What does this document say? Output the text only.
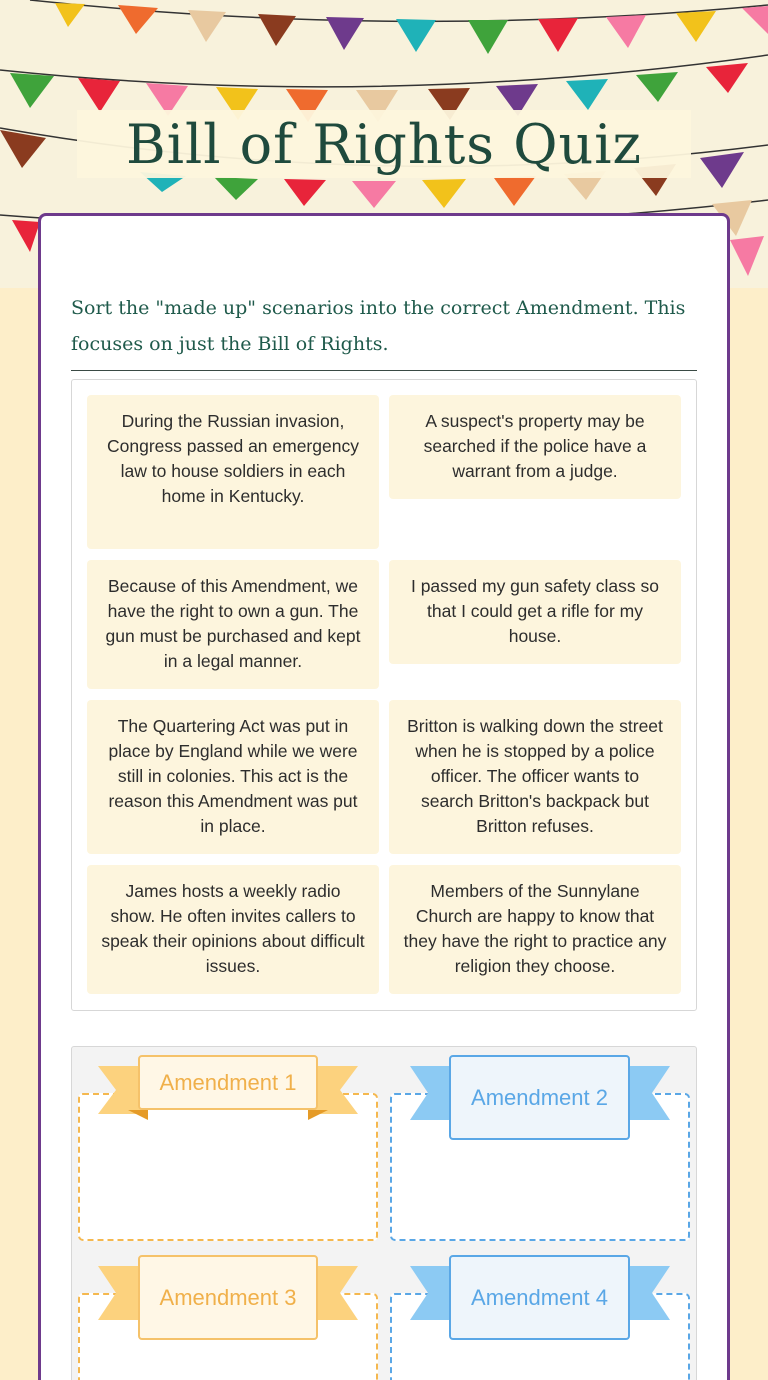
Bill of Rights Quiz

Sort the "made up" scenarios into the correct Amendment. This focuses on just the Bill of Rights.

During the Russian invasion, Congress passed an emergency law to house soldiers in each home in Kentucky.
A suspect's property may be searched if the police have a warrant from a judge.
Because of this Amendment, we have the right to own a gun. The gun must be purchased and kept in a legal manner.
I passed my gun safety class so that I could get a rifle for my house.
The Quartering Act was put in place by England while we were still in colonies. This act is the reason this Amendment was put in place.
Britton is walking down the street when he is stopped by a police officer. The officer wants to search Britton's backpack but Britton refuses.
James hosts a weekly radio show. He often invites callers to speak their opinions about difficult issues.
Members of the Sunnylane Church are happy to know that they have the right to practice any religion they choose.
Amendment 1
Amendment 2
Amendment 3	Amendment 4
